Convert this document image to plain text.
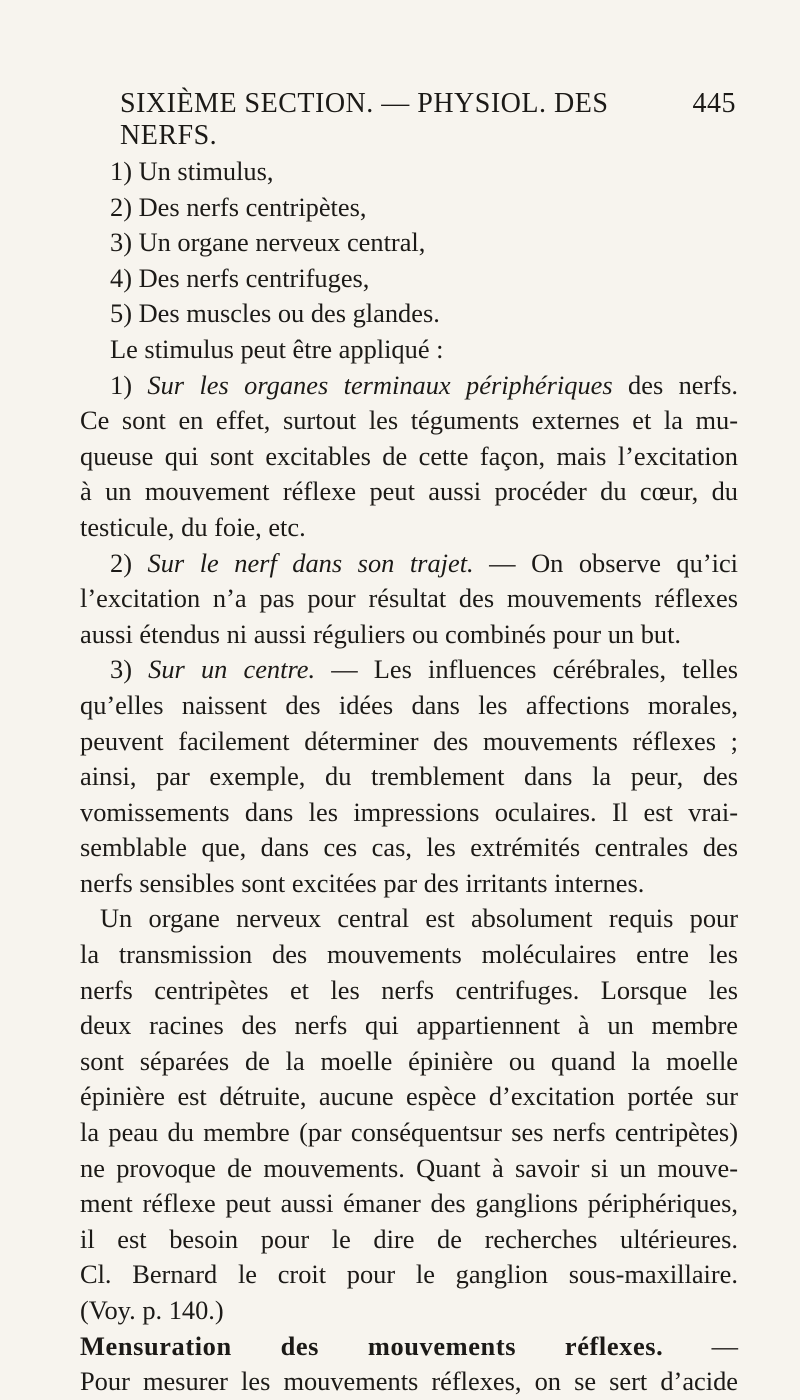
SIXIÈME SECTION. — PHYSIOL. DES NERFS.
445
1) Un stimulus,
2) Des nerfs centripètes,
3) Un organe nerveux central,
4) Des nerfs centrifuges,
5) Des muscles ou des glandes.
Le stimulus peut être appliqué :
1) Sur les organes terminaux périphériques des nerfs.
Ce sont en effet, surtout les téguments externes et la mu-
queuse qui sont excitables de cette façon, mais l’excitation
à un mouvement réflexe peut aussi procéder du cœur, du
testicule, du foie, etc.
2) Sur le nerf dans son trajet. — On observe qu’ici
l’excitation n’a pas pour résultat des mouvements réflexes
aussi étendus ni aussi réguliers ou combinés pour un but.
3) Sur un centre. — Les influences cérébrales, telles
qu’elles naissent des idées dans les affections morales,
peuvent facilement déterminer des mouvements réflexes ;
ainsi, par exemple, du tremblement dans la peur, des
vomissements dans les impressions oculaires. Il est vrai-
semblable que, dans ces cas, les extrémités centrales des
nerfs sensibles sont excitées par des irritants internes.
Un organe nerveux central est absolument requis pour
la transmission des mouvements moléculaires entre les
nerfs centripètes et les nerfs centrifuges. Lorsque les
deux racines des nerfs qui appartiennent à un membre
sont séparées de la moelle épinière ou quand la moelle
épinière est détruite, aucune espèce d’excitation portée sur
la peau du membre (par conséquentsur ses nerfs centripètes)
ne provoque de mouvements. Quant à savoir si un mouve-
ment réflexe peut aussi émaner des ganglions périphériques,
il est besoin pour le dire de recherches ultérieures.
Cl. Bernard le croit pour le ganglion sous-maxillaire.
(Voy. p. 140.)
Mensuration des mouvements réflexes. —
Pour mesurer les mouvements réflexes, on se sert d’acide
